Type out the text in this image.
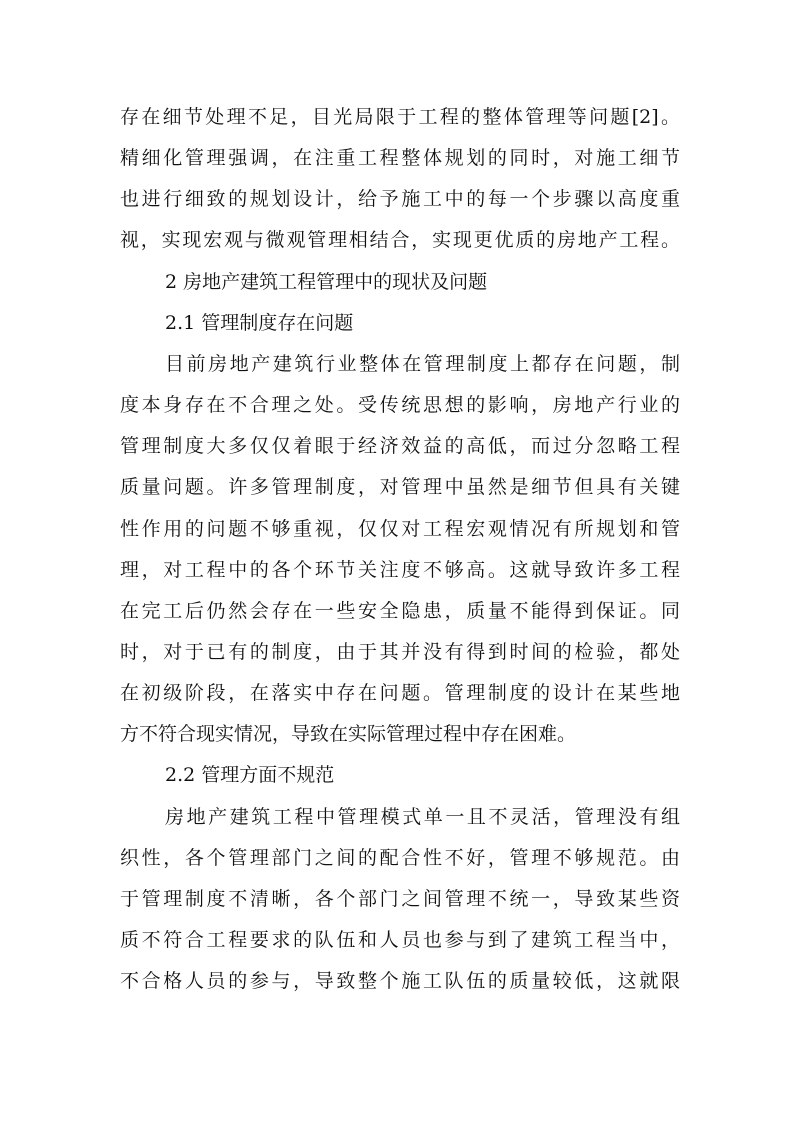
存在细节处理不足，目光局限于工程的整体管理等问题[2]。
精细化管理强调，在注重工程整体规划的同时，对施工细节
也进行细致的规划设计，给予施工中的每一个步骤以高度重
视，实现宏观与微观管理相结合，实现更优质的房地产工程。
2 房地产建筑工程管理中的现状及问题
2.1 管理制度存在问题
目前房地产建筑行业整体在管理制度上都存在问题，制
度本身存在不合理之处。受传统思想的影响，房地产行业的
管理制度大多仅仅着眼于经济效益的高低，而过分忽略工程
质量问题。许多管理制度，对管理中虽然是细节但具有关键
性作用的问题不够重视，仅仅对工程宏观情况有所规划和管
理，对工程中的各个环节关注度不够高。这就导致许多工程
在完工后仍然会存在一些安全隐患，质量不能得到保证。同
时，对于已有的制度，由于其并没有得到时间的检验，都处
在初级阶段，在落实中存在问题。管理制度的设计在某些地
方不符合现实情况，导致在实际管理过程中存在困难。
2.2 管理方面不规范
房地产建筑工程中管理模式单一且不灵活，管理没有组
织性，各个管理部门之间的配合性不好，管理不够规范。由
于管理制度不清晰，各个部门之间管理不统一，导致某些资
质不符合工程要求的队伍和人员也参与到了建筑工程当中，
不合格人员的参与，导致整个施工队伍的质量较低，这就限
